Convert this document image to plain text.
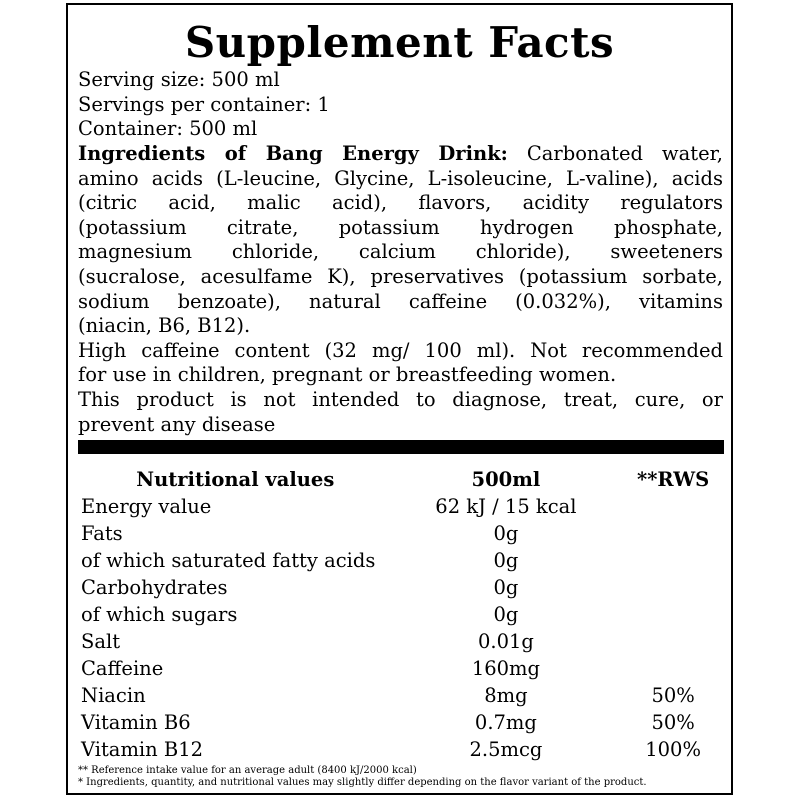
Supplement Facts
Serving size: 500 ml
Servings per container: 1
Container: 500 ml
Ingredients of Bang Energy Drink: Carbonated water,
amino acids (L-leucine, Glycine, L-isoleucine, L-valine), acids
(citric acid, malic acid), flavors, acidity regulators
(potassium citrate, potassium hydrogen phosphate,
magnesium chloride, calcium chloride), sweeteners
(sucralose, acesulfame K), preservatives (potassium sorbate,
sodium benzoate), natural caffeine (0.032%), vitamins
(niacin, B6, B12).
High caffeine content (32 mg/ 100 ml). Not recommended
for use in children, pregnant or breastfeeding women.
This product is not intended to diagnose, treat, cure, or
prevent any disease
Nutritional values	500ml	**RWS
Energy value	62 kJ / 15 kcal	
Fats	0g	
of which saturated fatty acids	0g	
Carbohydrates	0g	
of which sugars	0g	
Salt	0.01g	
Caffeine	160mg	
Niacin	8mg	50%
Vitamin B6	0.7mg	50%
Vitamin B12	2.5mcg	100%
** Reference intake value for an average adult (8400 kJ/2000 kcal)
* Ingredients, quantity, and nutritional values may slightly differ depending on the flavor variant of the product.
